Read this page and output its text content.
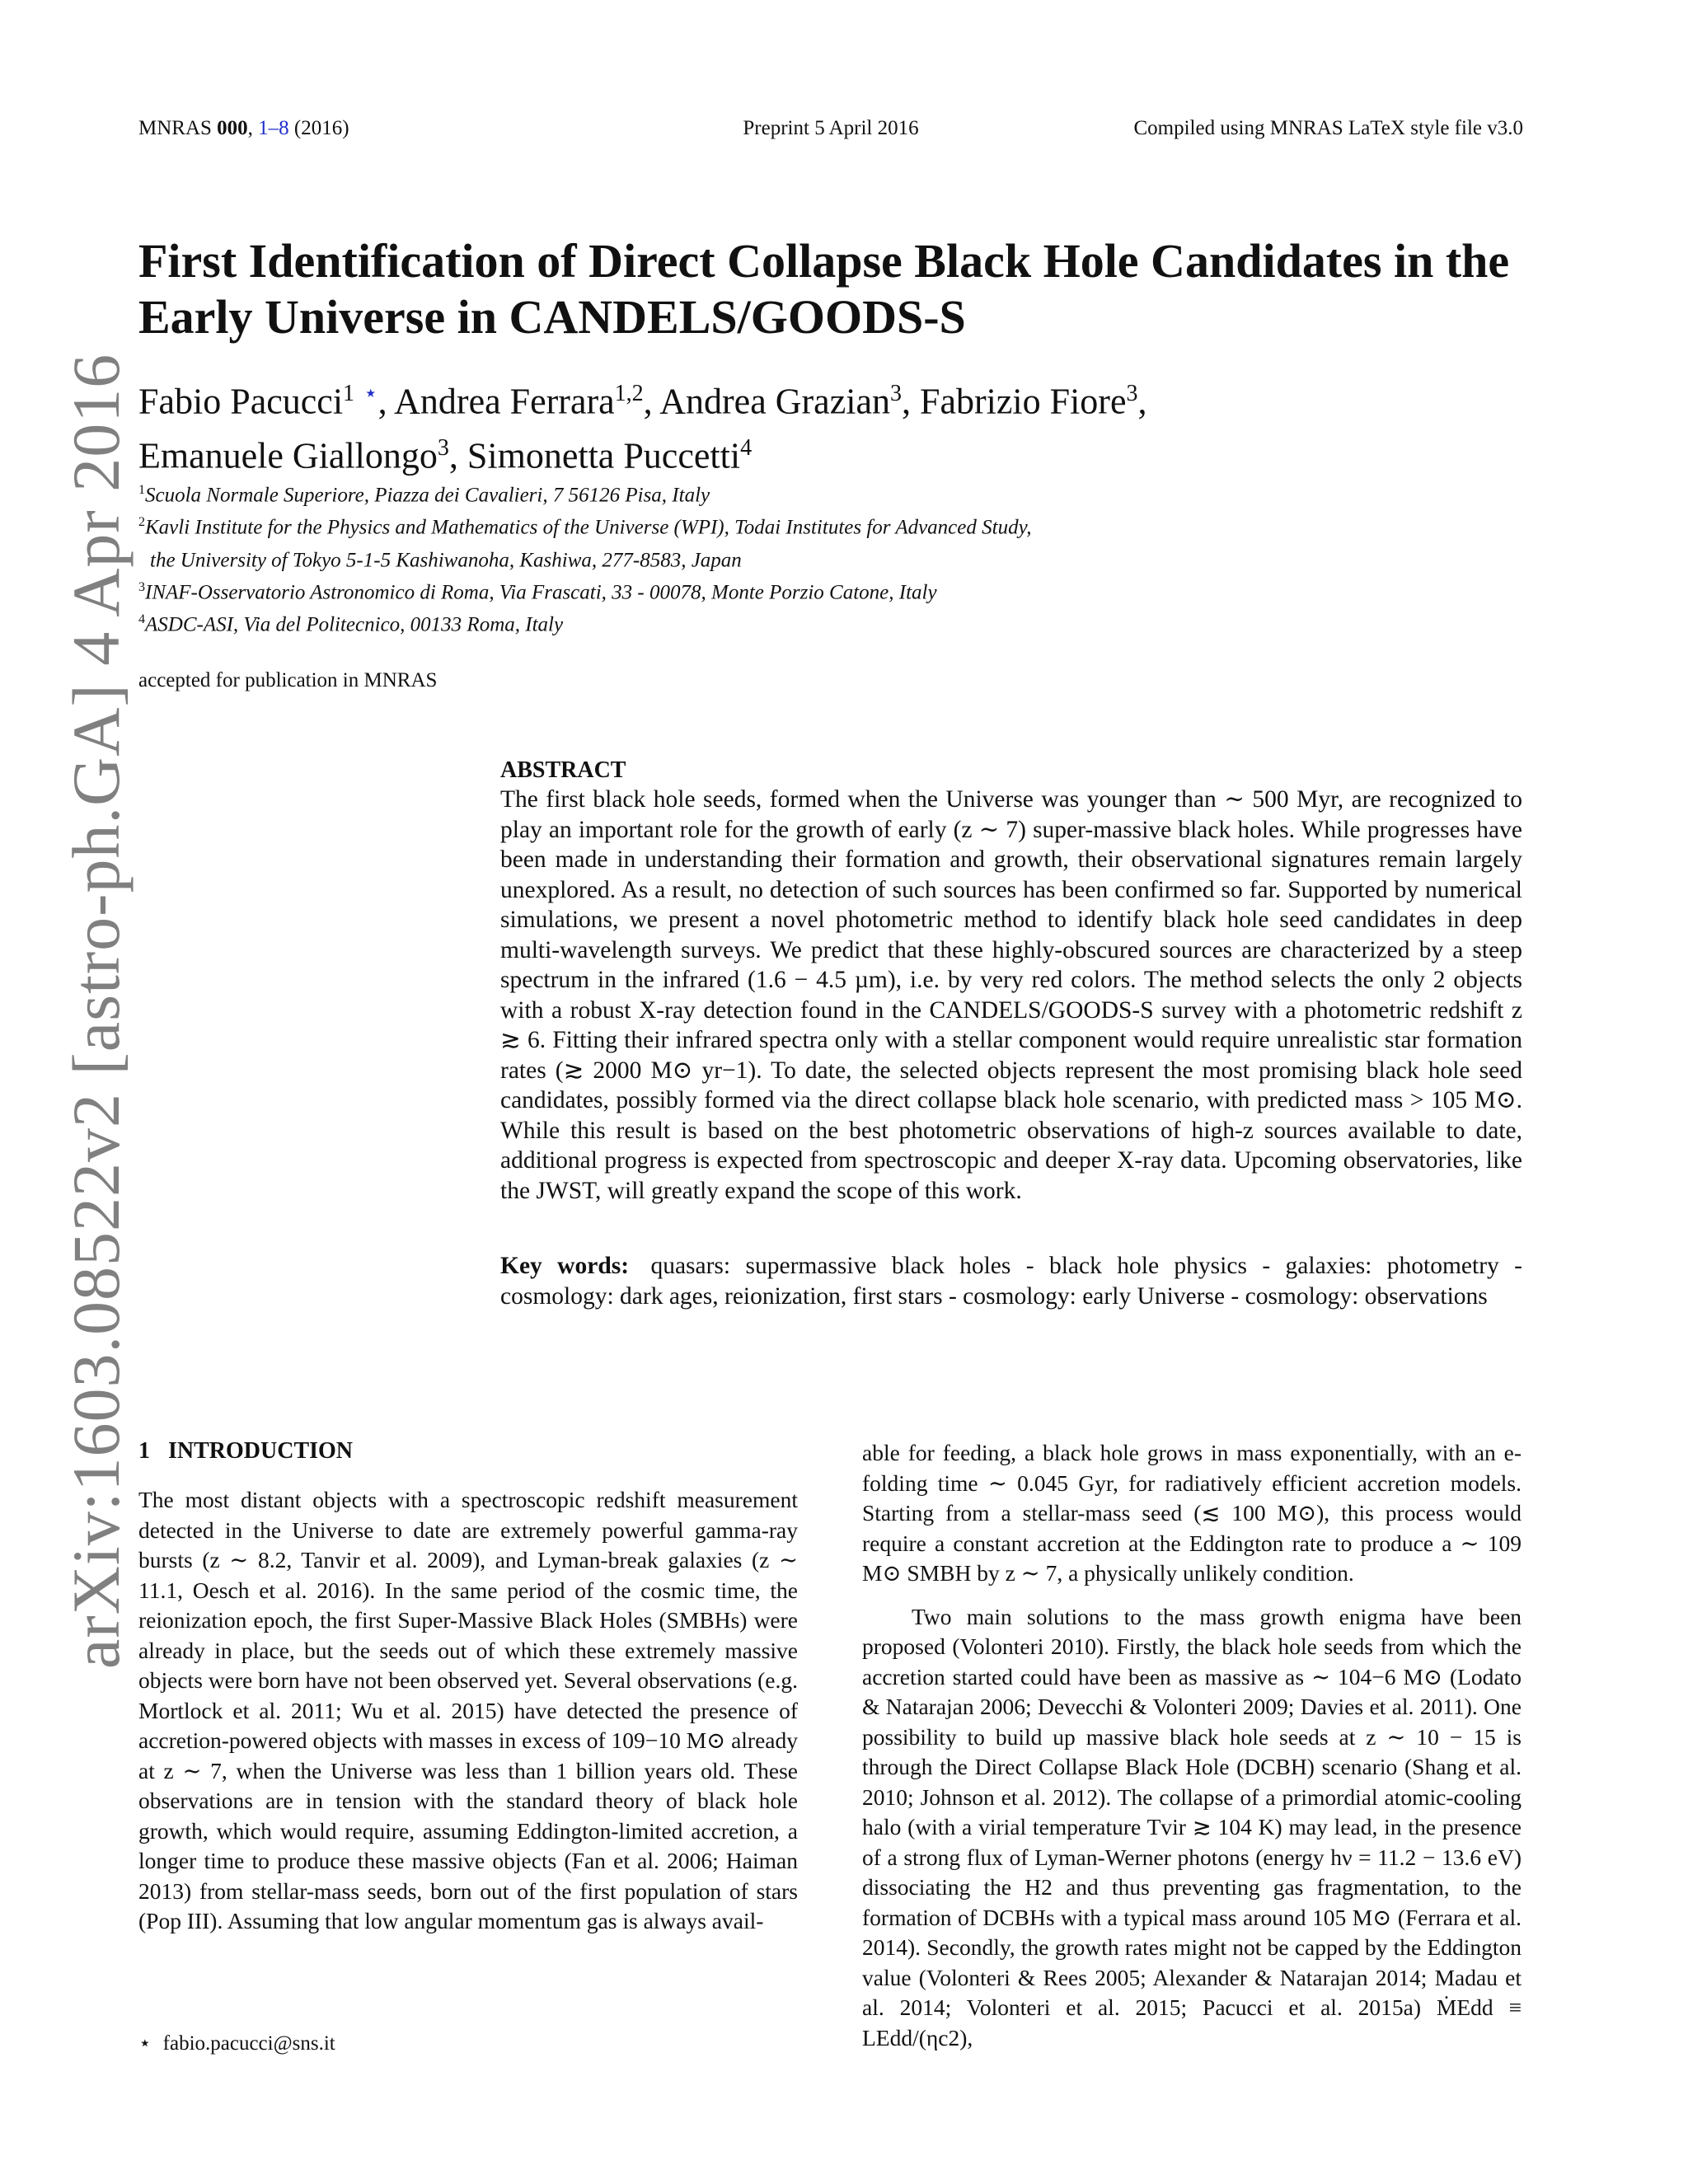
MNRAS 000, 1–8 (2016)	Preprint 5 April 2016	Compiled using MNRAS LaTeX style file v3.0
arXiv:1603.08522v2 [astro-ph.GA] 4 Apr 2016
First Identification of Direct Collapse Black Hole Candidates in the Early Universe in CANDELS/GOODS-S
Fabio Pacucci$^1$ ⋆, Andrea Ferrara$^{1,2}$, Andrea Grazian$^3$, Fabrizio Fiore$^3$,
Emanuele Giallongo$^3$, Simonetta Puccetti$^4$
$^1$Scuola Normale Superiore, Piazza dei Cavalieri, 7 56126 Pisa, Italy
$^2$Kavli Institute for the Physics and Mathematics of the Universe (WPI), Todai Institutes for Advanced Study,
the University of Tokyo 5-1-5 Kashiwanoha, Kashiwa, 277-8583, Japan
$^3$INAF-Osservatorio Astronomico di Roma, Via Frascati, 33 - 00078, Monte Porzio Catone, Italy
$^4$ASDC-ASI, Via del Politecnico, 00133 Roma, Italy
accepted for publication in MNRAS
ABSTRACT
The first black hole seeds, formed when the Universe was younger than ∼ 500 Myr, are recognized to play an important role for the growth of early (z ∼ 7) super-massive black holes. While progresses have been made in understanding their formation and growth, their observational signatures remain largely unexplored. As a result, no detection of such sources has been confirmed so far. Supported by numerical simulations, we present a novel photometric method to identify black hole seed candidates in deep multi-wavelength surveys. We predict that these highly-obscured sources are characterized by a steep spectrum in the infrared (1.6 − 4.5 µm), i.e. by very red colors. The method selects the only 2 objects with a robust X-ray detection found in the CANDELS/GOODS-S survey with a photometric redshift z ≳ 6. Fitting their infrared spectra only with a stellar component would require unrealistic star formation rates (≳ 2000 M⊙ yr−1). To date, the selected objects represent the most promising black hole seed candidates, possibly formed via the direct collapse black hole scenario, with predicted mass > 105 M⊙. While this result is based on the best photometric observations of high-z sources available to date, additional progress is expected from spectroscopic and deeper X-ray data. Upcoming observatories, like the JWST, will greatly expand the scope of this work.
Key words: quasars: supermassive black holes - black hole physics - galaxies: photometry - cosmology: dark ages, reionization, first stars - cosmology: early Universe - cosmology: observations
1 INTRODUCTION

The most distant objects with a spectroscopic redshift measurement detected in the Universe to date are extremely powerful gamma-ray bursts (z ∼ 8.2, Tanvir et al. 2009), and Lyman-break galaxies (z ∼ 11.1, Oesch et al. 2016). In the same period of the cosmic time, the reionization epoch, the first Super-Massive Black Holes (SMBHs) were already in place, but the seeds out of which these extremely massive objects were born have not been observed yet. Several observations (e.g. Mortlock et al. 2011; Wu et al. 2015) have detected the presence of accretion-powered objects with masses in excess of 109−10 M⊙ already at z ∼ 7, when the Universe was less than 1 billion years old. These observations are in tension with the standard theory of black hole growth, which would require, assuming Eddington-limited accretion, a longer time to produce these massive objects (Fan et al. 2006; Haiman 2013) from stellar-mass seeds, born out of the first population of stars (Pop III). Assuming that low angular momentum gas is always avail-

able for feeding, a black hole grows in mass exponentially, with an e-folding time ∼ 0.045 Gyr, for radiatively efficient accretion models. Starting from a stellar-mass seed (≲ 100 M⊙), this process would require a constant accretion at the Eddington rate to produce a ∼ 109 M⊙ SMBH by z ∼ 7, a physically unlikely condition.

Two main solutions to the mass growth enigma have been proposed (Volonteri 2010). Firstly, the black hole seeds from which the accretion started could have been as massive as ∼ 104−6 M⊙ (Lodato & Natarajan 2006; Devecchi & Volonteri 2009; Davies et al. 2011). One possibility to build up massive black hole seeds at z ∼ 10 − 15 is through the Direct Collapse Black Hole (DCBH) scenario (Shang et al. 2010; Johnson et al. 2012). The collapse of a primordial atomic-cooling halo (with a virial temperature Tvir ≳ 104 K) may lead, in the presence of a strong flux of Lyman-Werner photons (energy hν = 11.2 − 13.6 eV) dissociating the H2 and thus preventing gas fragmentation, to the formation of DCBHs with a typical mass around 105 M⊙ (Ferrara et al. 2014). Secondly, the growth rates might not be capped by the Eddington value (Volonteri & Rees 2005; Alexander & Natarajan 2014; Madau et al. 2014; Volonteri et al. 2015; Pacucci et al. 2015a) ṀEdd ≡ LEdd/(ηc2),

⋆ fabio.pacucci@sns.it
